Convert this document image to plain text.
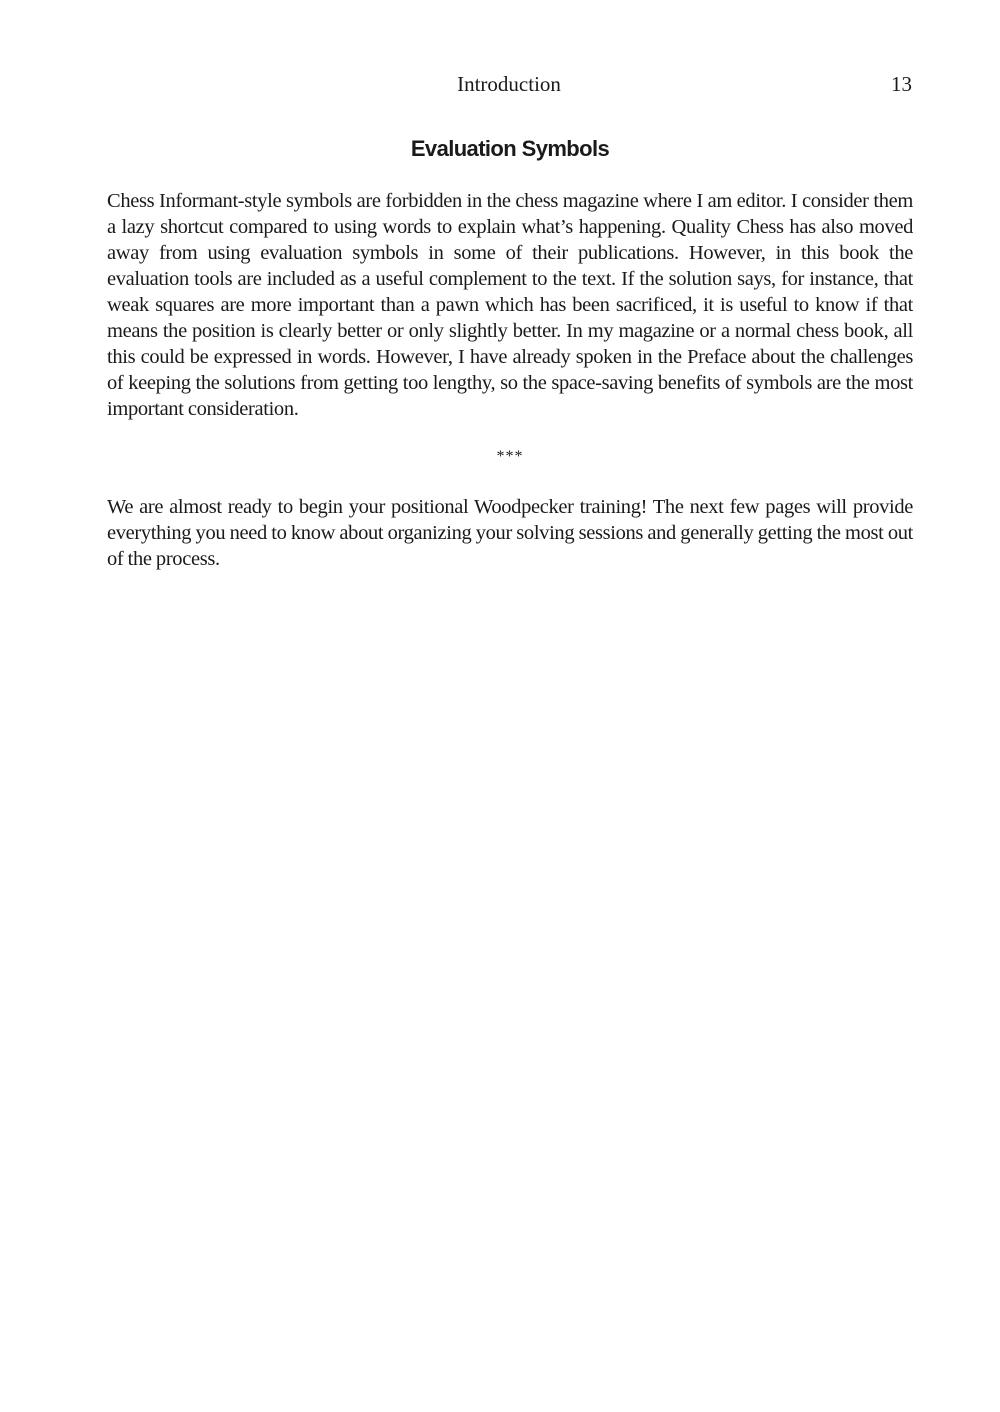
Introduction	13
Evaluation Symbols

Chess Informant-style symbols are forbidden in the chess magazine where I am editor. I consider them a lazy shortcut compared to using words to explain what’s happening. Quality Chess has also moved away from using evaluation symbols in some of their publications. However, in this book the evaluation tools are included as a useful complement to the text. If the solution says, for instance, that weak squares are more important than a pawn which has been sacrificed, it is useful to know if that means the position is clearly better or only slightly better. In my magazine or a normal chess book, all this could be expressed in words. However, I have already spoken in the Preface about the challenges of keeping the solutions from getting too lengthy, so the space-saving benefits of symbols are the most important consideration.

***

We are almost ready to begin your positional Woodpecker training! The next few pages will provide everything you need to know about organizing your solving sessions and generally getting the most out of the process.
